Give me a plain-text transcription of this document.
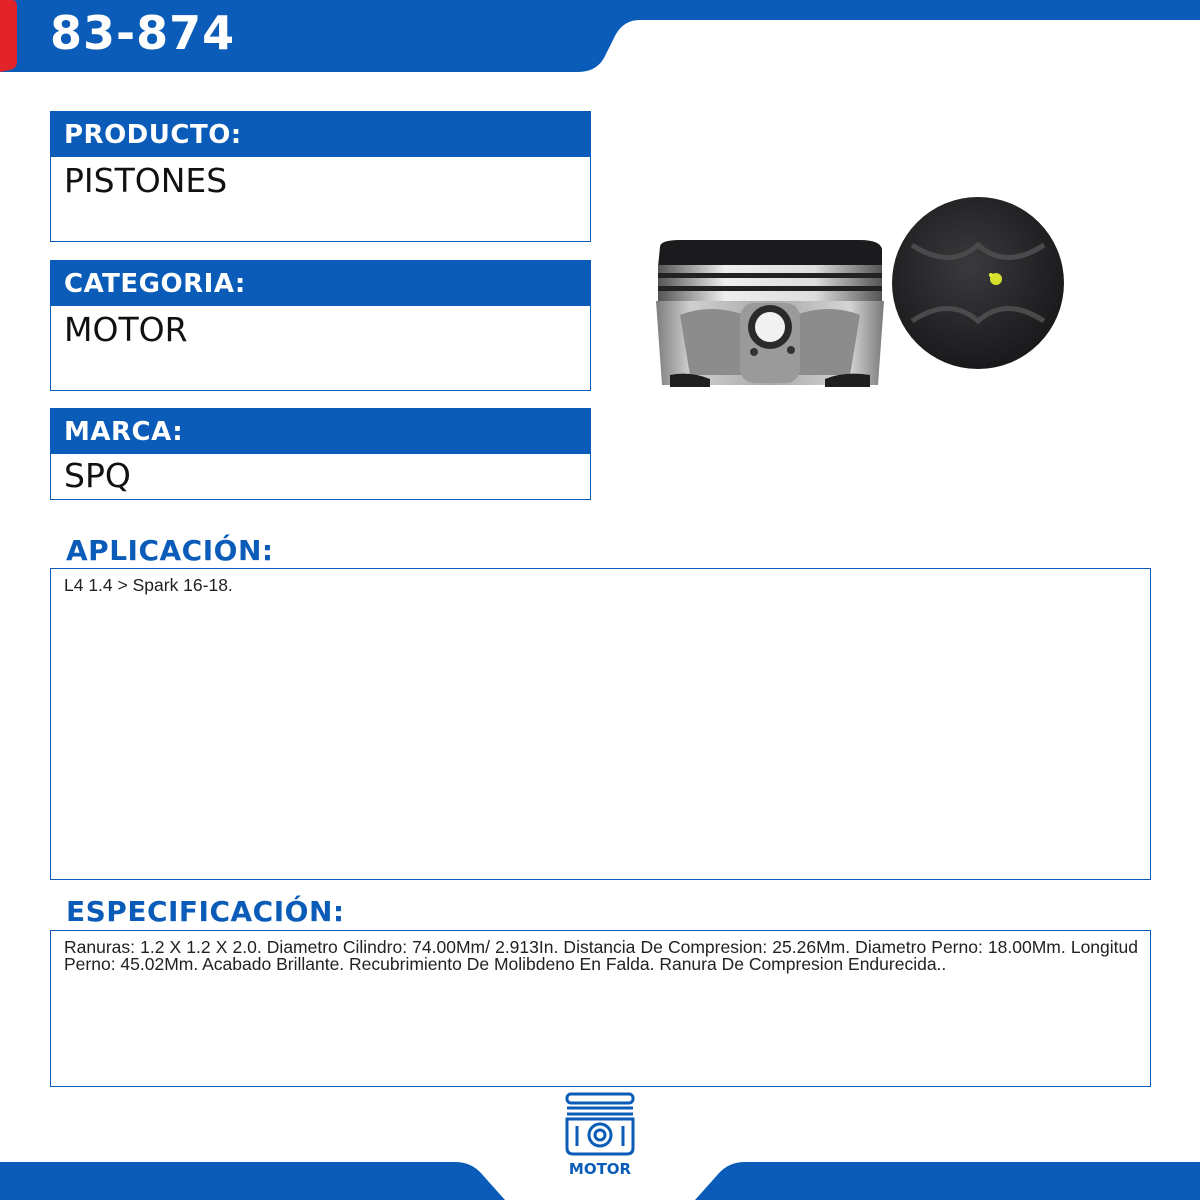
83-874
PRODUCTO:
PISTONES
CATEGORIA:
MOTOR
MARCA:
SPQ
APLICACIÓN:
L4 1.4 > Spark 16-18.
ESPECIFICACIÓN:
Ranuras: 1.2 X 1.2 X 2.0. Diametro Cilindro: 74.00Mm/ 2.913In. Distancia De Compresion: 25.26Mm. Diametro Perno: 18.00Mm. Longitud Perno: 45.02Mm. Acabado Brillante. Recubrimiento De Molibdeno En Falda. Ranura De Compresion Endurecida..
MOTOR
